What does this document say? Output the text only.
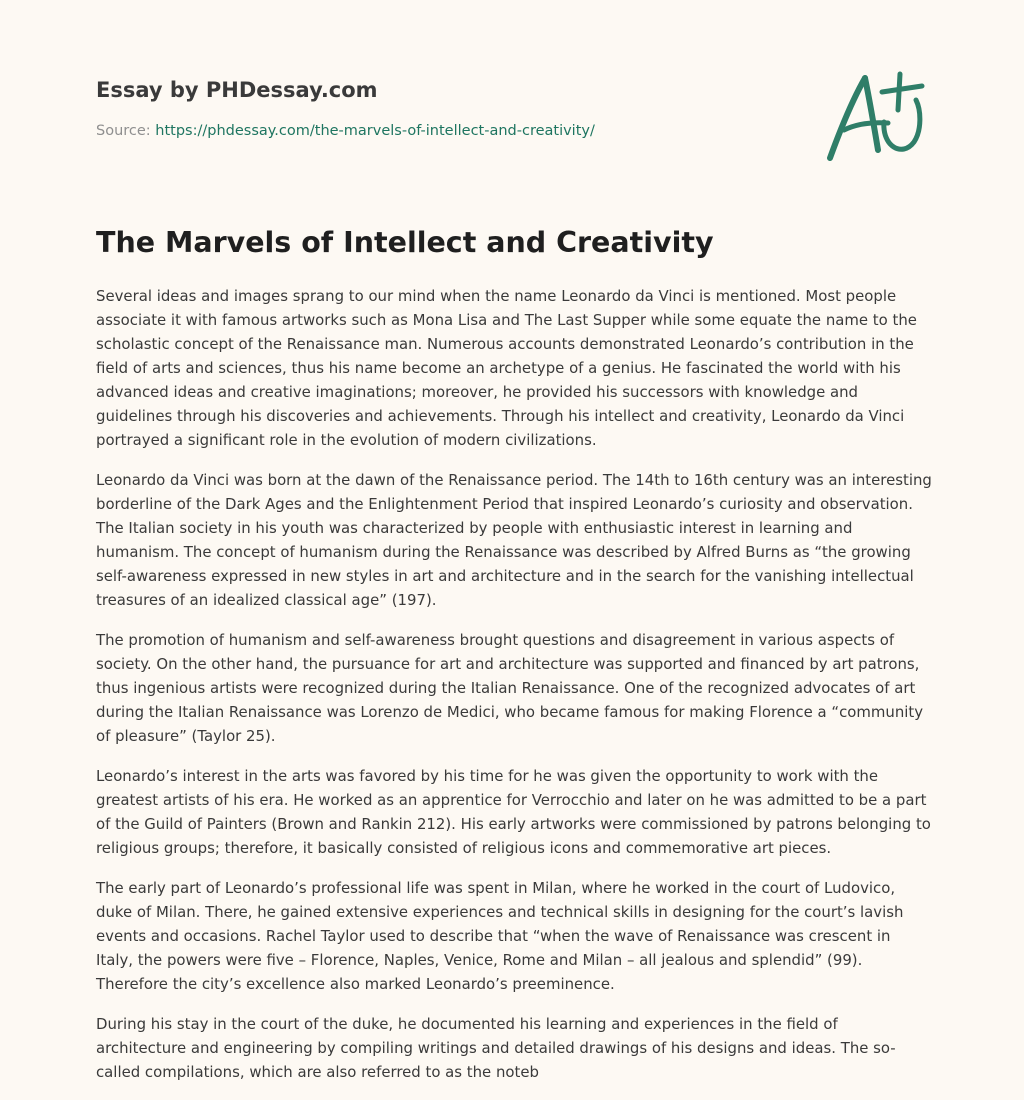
Essay by PHDessay.com
Source: https://phdessay.com/the-marvels-of-intellect-and-creativity/
The Marvels of Intellect and Creativity

Several ideas and images sprang to our mind when the name Leonardo da Vinci is mentioned. Most people associate it with famous artworks such as Mona Lisa and The Last Supper while some equate the name to the scholastic concept of the Renaissance man. Numerous accounts demonstrated Leonardo’s contribution in the field of arts and sciences, thus his name become an archetype of a genius. He fascinated the world with his advanced ideas and creative imaginations; moreover, he provided his successors with knowledge and guidelines through his discoveries and achievements. Through his intellect and creativity, Leonardo da Vinci portrayed a significant role in the evolution of modern civilizations.

Leonardo da Vinci was born at the dawn of the Renaissance period. The 14th to 16th century was an interesting borderline of the Dark Ages and the Enlightenment Period that inspired Leonardo’s curiosity and observation. The Italian society in his youth was characterized by people with enthusiastic interest in learning and humanism. The concept of humanism during the Renaissance was described by Alfred Burns as “the growing self-awareness expressed in new styles in art and architecture and in the search for the vanishing intellectual treasures of an idealized classical age” (197).

The promotion of humanism and self-awareness brought questions and disagreement in various aspects of society. On the other hand, the pursuance for art and architecture was supported and financed by art patrons, thus ingenious artists were recognized during the Italian Renaissance. One of the recognized advocates of art during the Italian Renaissance was Lorenzo de Medici, who became famous for making Florence a “community of pleasure” (Taylor 25).

Leonardo’s interest in the arts was favored by his time for he was given the opportunity to work with the greatest artists of his era. He worked as an apprentice for Verrocchio and later on he was admitted to be a part of the Guild of Painters (Brown and Rankin 212). His early artworks were commissioned by patrons belonging to religious groups; therefore, it basically consisted of religious icons and commemorative art pieces.

The early part of Leonardo’s professional life was spent in Milan, where he worked in the court of Ludovico, duke of Milan. There, he gained extensive experiences and technical skills in designing for the court’s lavish events and occasions. Rachel Taylor used to describe that “when the wave of Renaissance was crescent in Italy, the powers were five – Florence, Naples, Venice, Rome and Milan – all jealous and splendid” (99). Therefore the city’s excellence also marked Leonardo’s preeminence.

During his stay in the court of the duke, he documented his learning and experiences in the field of architecture and engineering by compiling writings and detailed drawings of his designs and ideas. The so-called compilations, which are also referred to as the noteb
